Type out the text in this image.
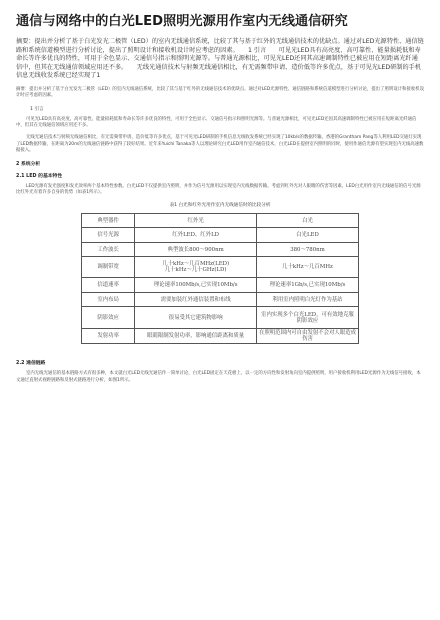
通信与网络中的白光LED照明光源用作室内无线通信研究
摘要：提出并分析了基于白光发光二极管（LED）的室内无线通信系统，比较了其与基于红外的无线通信技术的优缺点。通过对LED光源特性、通信链路和系统信道模型进行分析讨论，提出了照明设计和接收机设计时应考虑的因素。　　1 引言　　可见光LED具有高亮度、高可靠性、能量损耗低和寿命长等许多优良的特性，可用于全色显示、交通信号指示和照明光源等。与普通光源相比，可见光LED还同其高速调制特性已被应用在短距离光纤通信中，但其在无线通信领域应用还不多。　　无线光通信技术与射频无线通信相比，有无需频带申请、造价低等许多优点，基于可见光LED研制的手机信息无线收发系统已经实现了1
摘要：提出并分析了基于白光发光二极管（LED）的室内无线通信系统，比较了其与基于红外的无线通信技术的优缺点。通过对LED光源特性、通信链路和系统信道模型进行分析讨论，提出了照明设计和接收机设计时应考虑的因素。
1 引言
可见光LED具有高亮度、高可靠性、能量损耗低和寿命长等许多优良的特性，可用于全色显示、交通信号指示和照明光源等。与普通光源相比，可见光LED还因其高速调制特性已被应用在短距离光纤通信中，但其在无线通信领域应用还不多。
无线光通信技术与射频无线通信相比，有无需频带申请、造价低等许多优点，基于可见光LED研制的手机信息无线收发系统已经实现了10kb/s的数据传输。香港的Grantham Pang等人利用LED交通灯实现了LED数据传输，在距离为20m的无线通信链路中获得了较好结果。近年来Yuichi Tanaka等人以理论研究白光LED用作室内通信技术，白光LED在提供室内照明的同时，使用作通信光源有望实现室内无线高速数据接入。
2 系统分析
2.1 LED 的基本特性
LED光源有发光强度和发光效率两个基本特性参数。白光LED不仅提供室内照明，并作为信号光源用以实现室内无线数据传输。考虑到红外光对人眼睛的伤害等因素，LED白光用作室内无线通信的信号光源比红外光有着许多自身的优势（如表1所示）。
表1 白光和红外光用作室内无线通信时的比较分析
典型器件	红外光	白光
信号光源	红外LED、红外LD	白光LED
工作波长	典型波长800～900nm	380～780nm
调制带宽	几十kHz～几百MHz(LED)
几十kHz～几十GHz(LD)	几十kHz～几百MHz
信道速率	理论速率100Mb/s,已实现10Mb/s	理论速率1Gb/s,已实现10Mb/s
室内布局	需要加装红外通信装置和布线	利用室内照明白光灯作为基站
阴影效应	很易受其它建筑物影响	室内实现多个白光LED，可有效地克服阴影效应
发射功率	眼睛限制发射功率，影响通信距离和质量	在照明范围内可自由发射不会对人眼造成伤害
2.2 通信链路
室内无线光通信的基本链路方式有很多种，本文就白光LED无线光通信作一简单讨论，白光LED固定在天花板上，以一定的方向性和发射角向室内提供照明，用户接收机利用LED光源作为无线信号接收，本文通过直射式视距链路和反射式链路进行分析，如图1所示。
